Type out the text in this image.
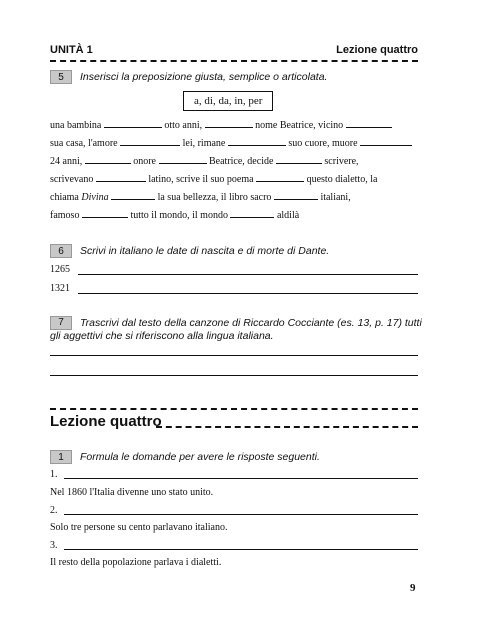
UNITÀ 1	Lezione quattro
5	Inserisci la preposizione giusta, semplice o articolata.
a, di, da, in, per
una bambina	otto anni,	nome Beatrice, vicino
sua casa, l'amore	lei, rimane	suo cuore, muore
24 anni,	onore	Beatrice, decide	scrivere,
scrivevano	latino, scrive il suo poema	questo dialetto, la
chiama Divina	la sua bellezza, il libro sacro	italiani,
famoso	tutto il mondo, il mondo	aldilà
6	Scrivi in italiano le date di nascita e di morte di Dante.
1265
1321
7 Trascrivi dal testo della canzone di Riccardo Cocciante (es. 13, p. 17) tutti
gli aggettivi che si riferiscono alla lingua italiana.
Lezione quattro
1	Formula le domande per avere le risposte seguenti.
1.
Nel 1860 l'Italia divenne uno stato unito.
2.
Solo tre persone su cento parlavano italiano.
3.
Il resto della popolazione parlava i dialetti.
9
